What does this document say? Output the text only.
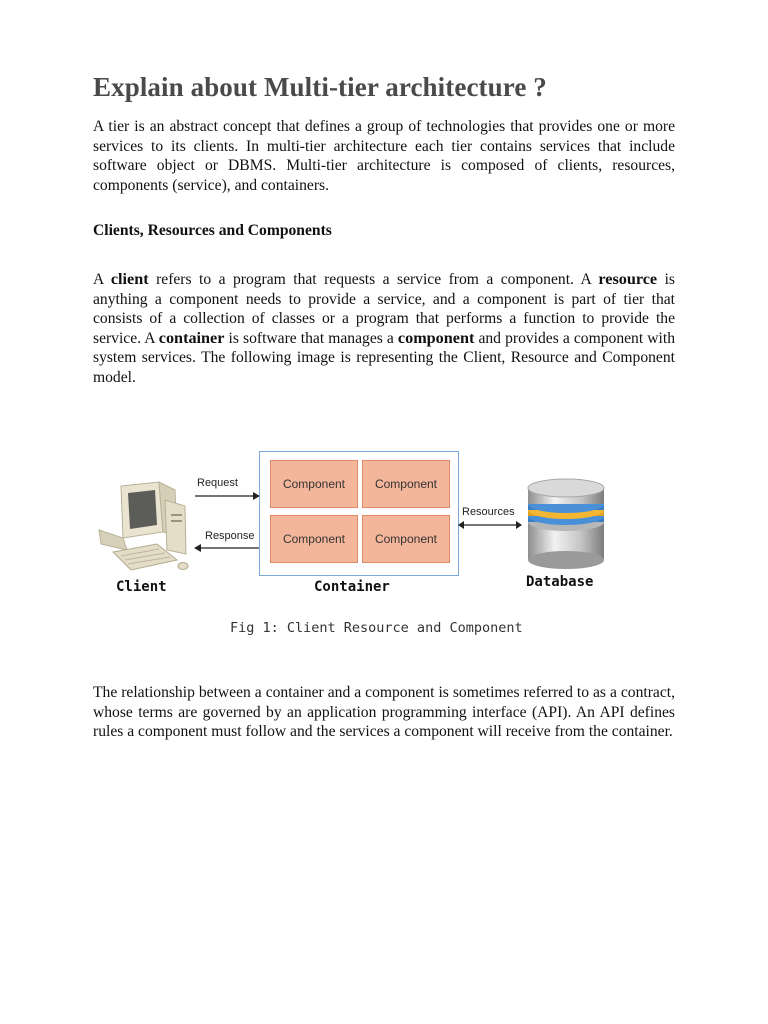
Explain about Multi-tier architecture ?

A tier is an abstract concept that defines a group of technologies that provides one or more services to its clients. In multi-tier architecture each tier contains services that include software object or DBMS. Multi-tier architecture is composed of clients, resources, components (service), and containers.

Clients, Resources and Components

A client refers to a program that requests a service from a component. A resource is anything a component needs to provide a service, and a component is part of tier that consists of a collection of classes or a program that performs a function to provide the service. A container is software that manages a component and provides a component with system services. The following image is representing the Client, Resource and Component model.

Request
Response
Component	Component
Component	Component
Resources
Client	Container	Database

Fig 1: Client Resource and Component

The relationship between a container and a component is sometimes referred to as a contract, whose terms are governed by an application programming interface (API). An API defines rules a component must follow and the services a component will receive from the container.
